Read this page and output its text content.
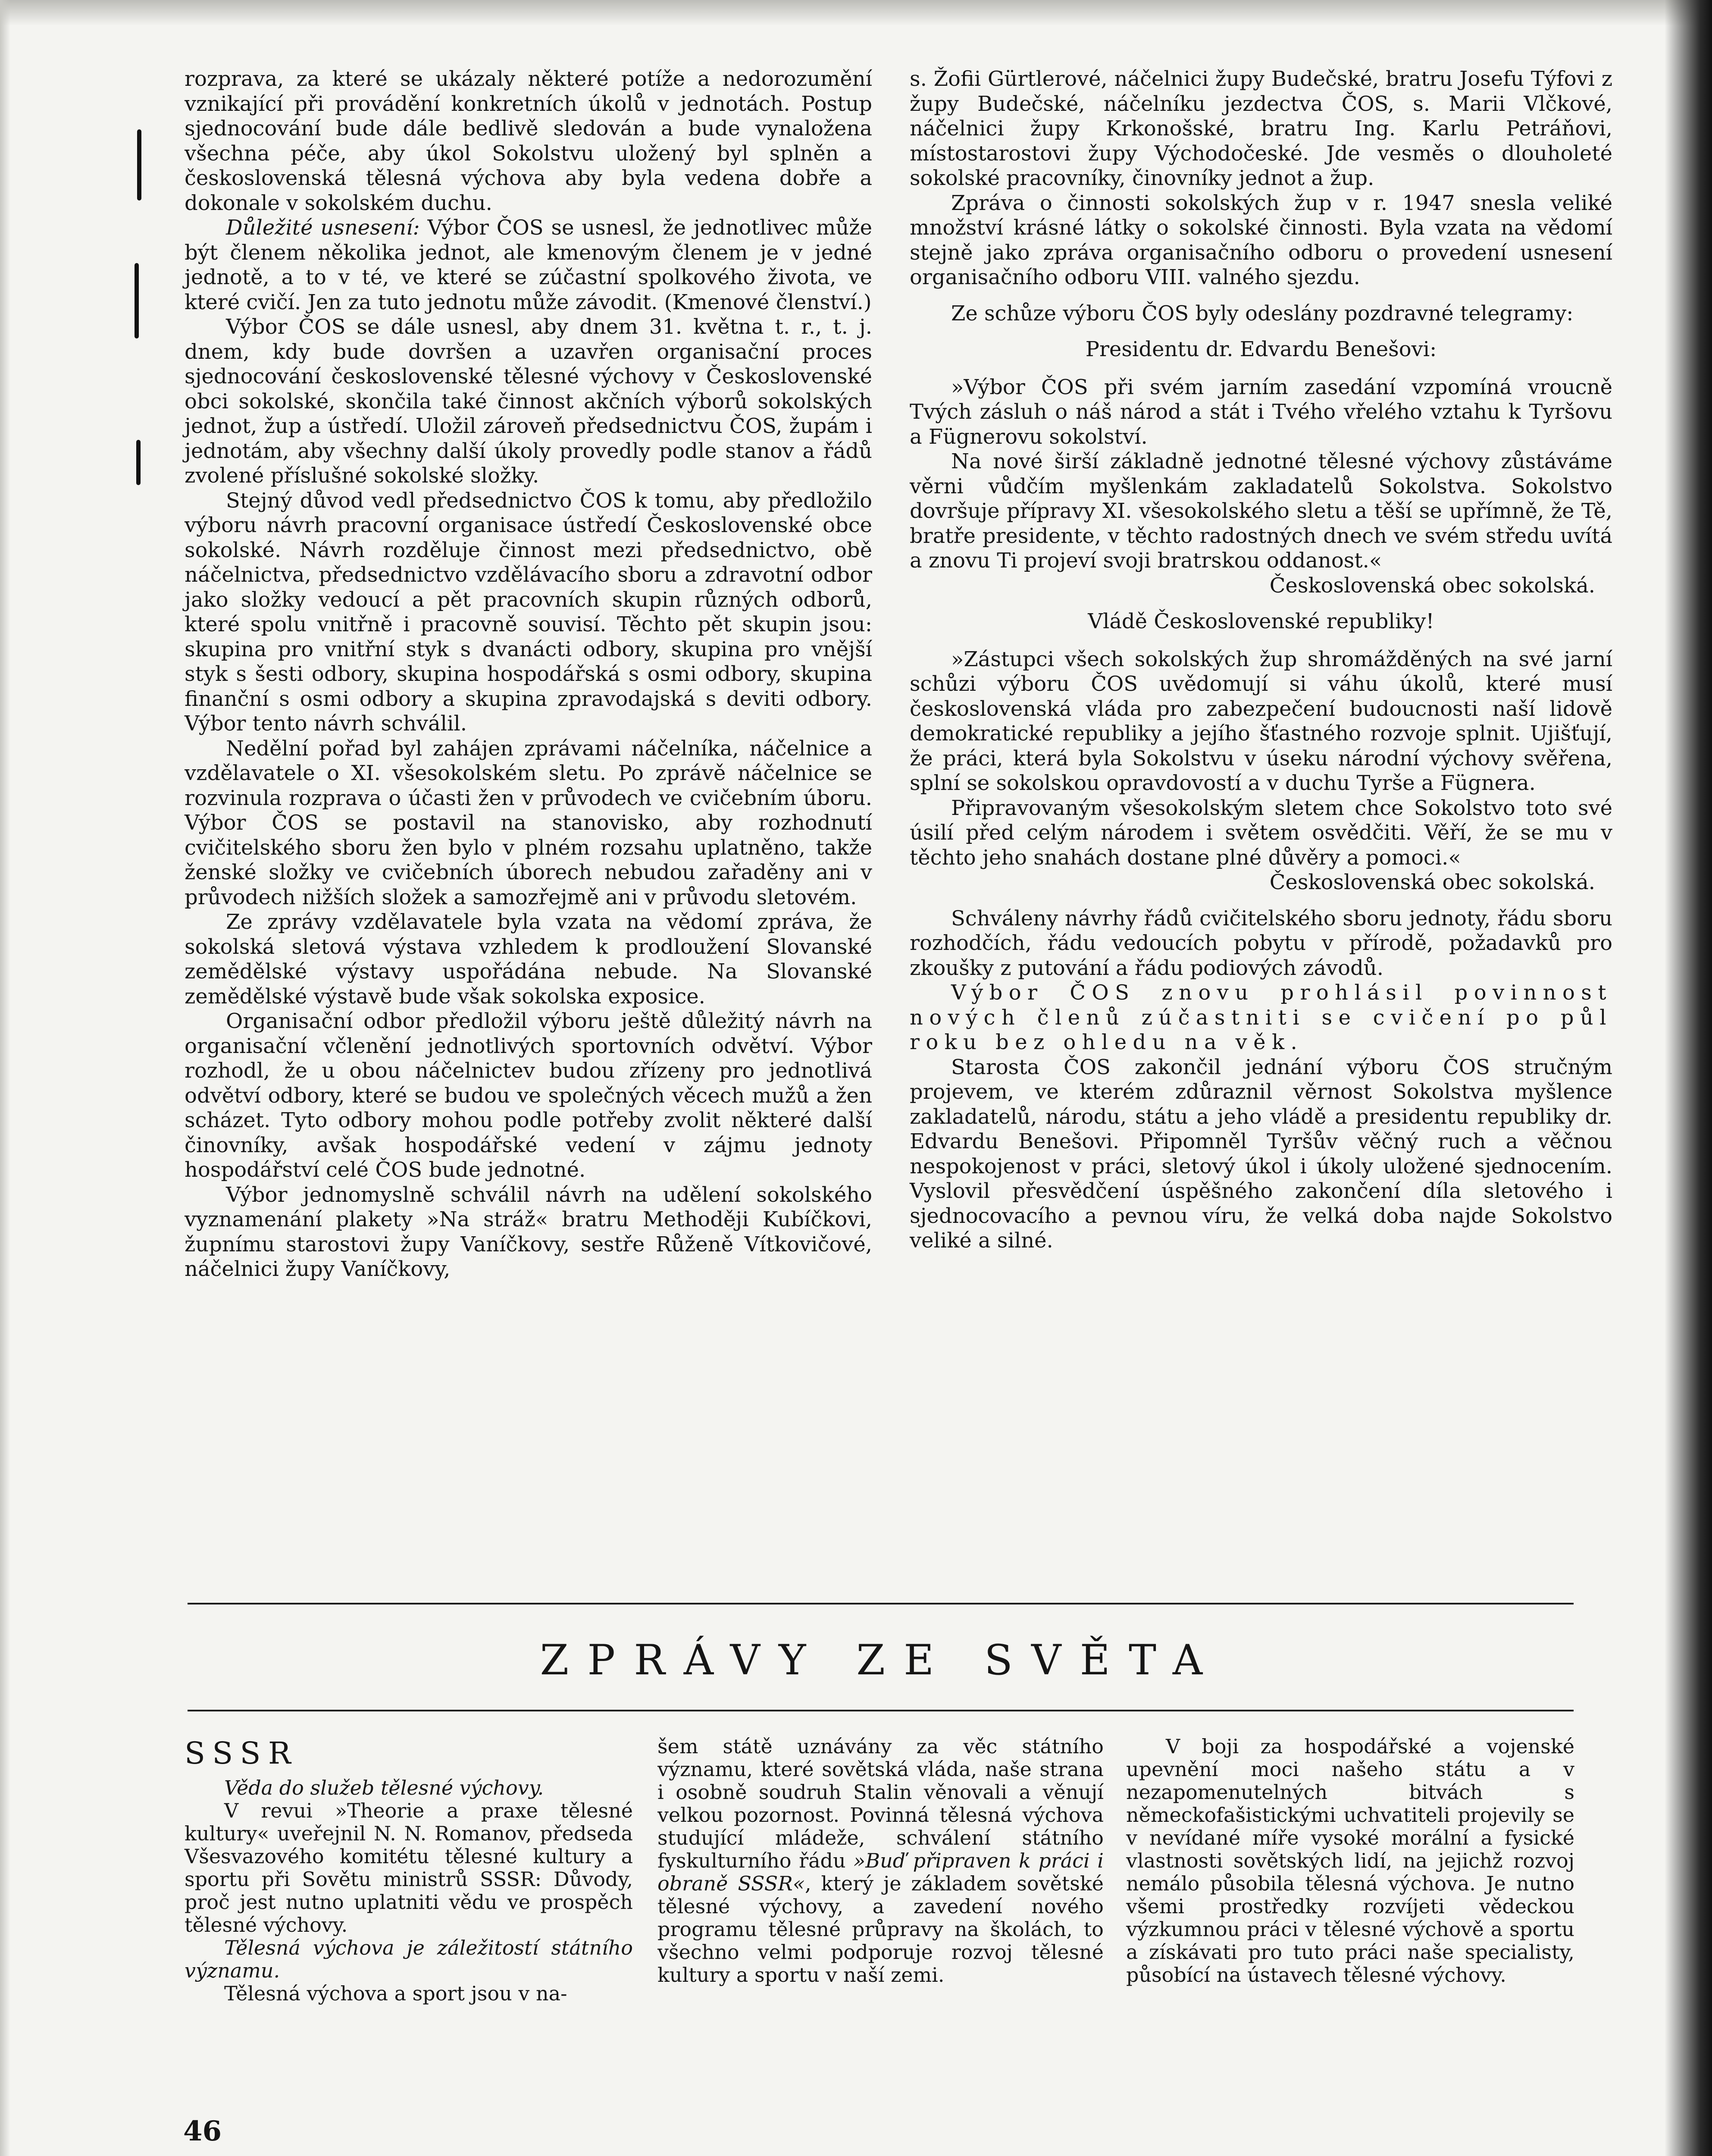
rozprava, za které se ukázaly některé potíže a nedorozumění vznikající při provádění konkretních úkolů v jednotách. Postup sjednocování bude dále bedlivě sledován a bude vynaložena všechna péče, aby úkol Sokolstvu uložený byl splněn a československá tělesná výchova aby byla vedena dobře a dokonale v sokolském duchu.

Důležité usnesení: Výbor ČOS se usnesl, že jednotlivec může být členem několika jednot, ale kmenovým členem je v jedné jednotě, a to v té, ve které se zúčastní spolkového života, ve které cvičí. Jen za tuto jednotu může závodit. (Kmenové členství.)

Výbor ČOS se dále usnesl, aby dnem 31. května t. r., t. j. dnem, kdy bude dovršen a uzavřen organisační proces sjednocování československé tělesné výchovy v Československé obci sokolské, skončila také činnost akčních výborů sokolských jednot, žup a ústředí. Uložil zároveň předsednictvu ČOS, župám i jednotám, aby všechny další úkoly provedly podle stanov a řádů zvolené příslušné sokolské složky.

Stejný důvod vedl předsednictvo ČOS k tomu, aby předložilo výboru návrh pracovní organisace ústředí Československé obce sokolské. Návrh rozděluje činnost mezi předsednictvo, obě náčelnictva, předsednictvo vzdělávacího sboru a zdravotní odbor jako složky vedoucí a pět pracovních skupin různých odborů, které spolu vnitřně i pracovně souvisí. Těchto pět skupin jsou: skupina pro vnitřní styk s dvanácti odbory, skupina pro vnější styk s šesti odbory, skupina hospodářská s osmi odbory, skupina finanční s osmi odbory a skupina zpravodajská s deviti odbory. Výbor tento návrh schválil.

Nedělní pořad byl zahájen zprávami náčelníka, náčelnice a vzdělavatele o XI. všesokolském sletu. Po zprávě náčelnice se rozvinula rozprava o účasti žen v průvodech ve cvičebním úboru. Výbor ČOS se postavil na stanovisko, aby rozhodnutí cvičitelského sboru žen bylo v plném rozsahu uplatněno, takže ženské složky ve cvičebních úborech nebudou zařaděny ani v průvodech nižších složek a samozřejmě ani v průvodu sletovém.

Ze zprávy vzdělavatele byla vzata na vědomí zpráva, že sokolská sletová výstava vzhledem k prodloužení Slovanské zemědělské výstavy uspořádána nebude. Na Slovanské zemědělské výstavě bude však sokolska exposice.

Organisační odbor předložil výboru ještě důležitý návrh na organisační včlenění jednotlivých sportovních odvětví. Výbor rozhodl, že u obou náčelnictev budou zřízeny pro jednotlivá odvětví odbory, které se budou ve společných věcech mužů a žen scházet. Tyto odbory mohou podle potřeby zvolit některé další činovníky, avšak hospodářské vedení v zájmu jednoty hospodářství celé ČOS bude jednotné.

Výbor jednomyslně schválil návrh na udělení sokolského vyznamenání plakety »Na stráž« bratru Methoději Kubíčkovi, župnímu starostovi župy Vaníčkovy, sestře Růženě Vítkovičové, náčelnici župy Vaníčkovy,

s. Žofii Gürtlerové, náčelnici župy Budečské, bratru Josefu Týfovi z župy Budečské, náčelníku jezdectva ČOS, s. Marii Vlčkové, náčelnici župy Krkonošské, bratru Ing. Karlu Petráňovi, místostarostovi župy Východočeské. Jde vesměs o dlouholeté sokolské pracovníky, činovníky jednot a žup.

Zpráva o činnosti sokolských žup v r. 1947 snesla veliké množství krásné látky o sokolské činnosti. Byla vzata na vědomí stejně jako zpráva organisačního odboru o provedení usnesení organisačního odboru VIII. valného sjezdu.

Ze schůze výboru ČOS byly odeslány pozdravné telegramy:

Presidentu dr. Edvardu Benešovi:

»Výbor ČOS při svém jarním zasedání vzpomíná vroucně Tvých zásluh o náš národ a stát i Tvého vřelého vztahu k Tyršovu a Fügnerovu sokolství.

Na nové širší základně jednotné tělesné výchovy zůstáváme věrni vůdčím myšlenkám zakladatelů Sokolstva. Sokolstvo dovršuje přípravy XI. všesokolského sletu a těší se upřímně, že Tě, bratře presidente, v těchto radostných dnech ve svém středu uvítá a znovu Ti projeví svoji bratrskou oddanost.«

Československá obec sokolská.

Vládě Československé republiky!

»Zástupci všech sokolských žup shromážděných na své jarní schůzi výboru ČOS uvědomují si váhu úkolů, které musí československá vláda pro zabezpečení budoucnosti naší lidově demokratické republiky a jejího šťastného rozvoje splnit. Ujišťují, že práci, která byla Sokolstvu v úseku národní výchovy svěřena, splní se sokolskou opravdovostí a v duchu Tyrše a Fügnera.

Připravovaným všesokolským sletem chce Sokolstvo toto své úsilí před celým národem i světem osvědčiti. Věří, že se mu v těchto jeho snahách dostane plné důvěry a pomoci.«

Československá obec sokolská.

Schváleny návrhy řádů cvičitelského sboru jednoty, řádu sboru rozhodčích, řádu vedoucích pobytu v přírodě, požadavků pro zkoušky z putování a řádu podiových závodů.

Výbor ČOS znovu prohlásil povinnost nových členů zúčastniti se cvičení po půl roku bez ohledu na věk.

Starosta ČOS zakončil jednání výboru ČOS stručným projevem, ve kterém zdůraznil věrnost Sokolstva myšlence zakladatelů, národu, státu a jeho vládě a presidentu republiky dr. Edvardu Benešovi. Připomněl Tyršův věčný ruch a věčnou nespokojenost v práci, sletový úkol i úkoly uložené sjednocením. Vyslovil přesvědčení úspěšného zakončení díla sletového i sjednocovacího a pevnou víru, že velká doba najde Sokolstvo veliké a silné.

ZPRÁVY ZE SVĚTA

SSSR

Věda do služeb tělesné výchovy.

V revui »Theorie a praxe tělesné kultury« uveřejnil N. N. Romanov, předseda Všesvazového komitétu tělesné kultury a sportu při Sovětu ministrů SSSR: Důvody, proč jest nutno uplatniti vědu ve prospěch tělesné výchovy.

Tělesná výchova je záležitostí státního významu.

Tělesná výchova a sport jsou v na-

šem státě uznávány za věc státního významu, které sovětská vláda, naše strana i osobně soudruh Stalin věnovali a věnují velkou pozornost. Povinná tělesná výchova studující mládeže, schválení státního fyskulturního řádu »Buď připraven k práci i obraně SSSR«, který je základem sovětské tělesné výchovy, a zavedení nového programu tělesné průpravy na školách, to všechno velmi podporuje rozvoj tělesné kultury a sportu v naší zemi.

V boji za hospodářské a vojenské upevnění moci našeho státu a v nezapomenutelných bitvách s německofašistickými uchvatiteli projevily se v nevídané míře vysoké morální a fysické vlastnosti sovětských lidí, na jejichž rozvoj nemálo působila tělesná výchova. Je nutno všemi prostředky rozvíjeti vědeckou výzkumnou práci v tělesné výchově a sportu a získávati pro tuto práci naše specialisty, působící na ústavech tělesné výchovy.

46
